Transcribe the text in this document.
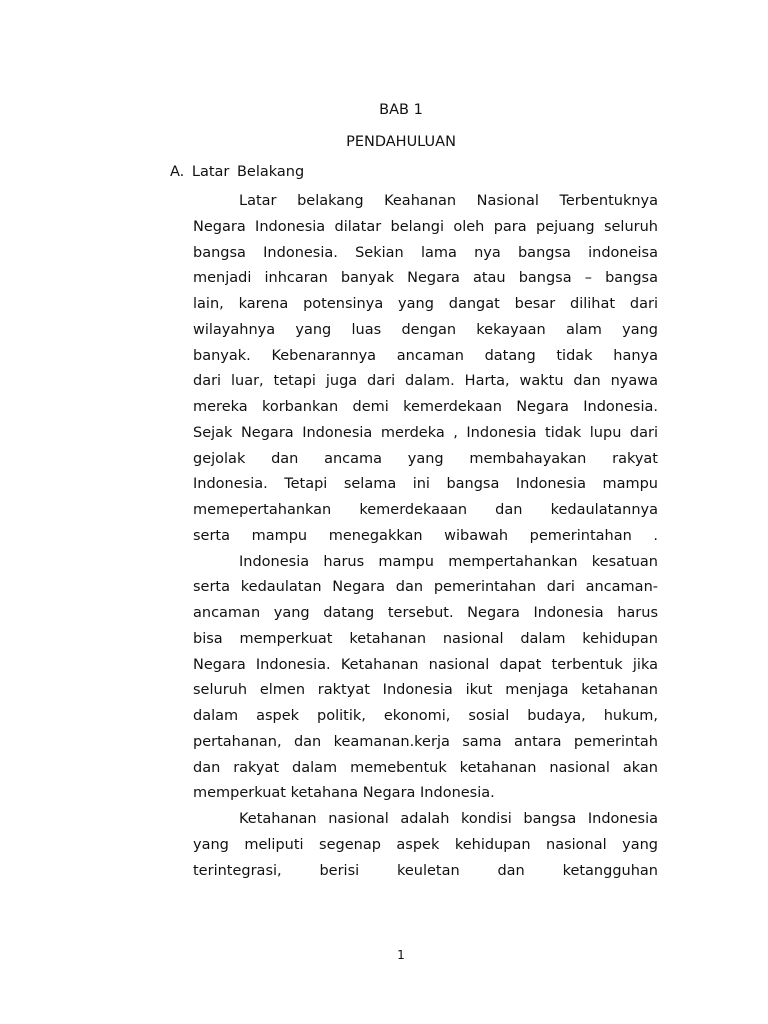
BAB 1
PENDAHULUAN
A. Latar Belakang
Latar belakang Keahanan Nasional Terbentuknya
Negara Indonesia dilatar belangi oleh para pejuang seluruh
bangsa Indonesia. Sekian lama nya bangsa indoneisa
menjadi inhcaran banyak Negara atau bangsa – bangsa
lain, karena potensinya yang dangat besar dilihat dari
wilayahnya yang luas dengan kekayaan alam yang
banyak. Kebenarannya ancaman datang tidak hanya
dari luar, tetapi juga dari dalam. Harta, waktu dan nyawa
mereka korbankan demi kemerdekaan Negara Indonesia.
Sejak Negara Indonesia merdeka , Indonesia tidak lupu dari
gejolak dan ancama yang membahayakan rakyat
Indonesia. Tetapi selama ini bangsa Indonesia mampu
memepertahankan kemerdekaaan dan kedaulatannya
serta mampu menegakkan wibawah pemerintahan .
Indonesia harus mampu mempertahankan kesatuan
serta kedaulatan Negara dan pemerintahan dari ancaman-
ancaman yang datang tersebut. Negara Indonesia harus
bisa memperkuat ketahanan nasional dalam kehidupan
Negara Indonesia. Ketahanan nasional dapat terbentuk jika
seluruh elmen raktyat Indonesia ikut menjaga ketahanan
dalam aspek politik, ekonomi, sosial budaya, hukum,
pertahanan, dan keamanan.kerja sama antara pemerintah
dan rakyat dalam memebentuk ketahanan nasional akan
memperkuat ketahana Negara Indonesia.
Ketahanan nasional adalah kondisi bangsa Indonesia
yang meliputi segenap aspek kehidupan nasional yang
terintegrasi, berisi keuletan dan ketangguhan
1
